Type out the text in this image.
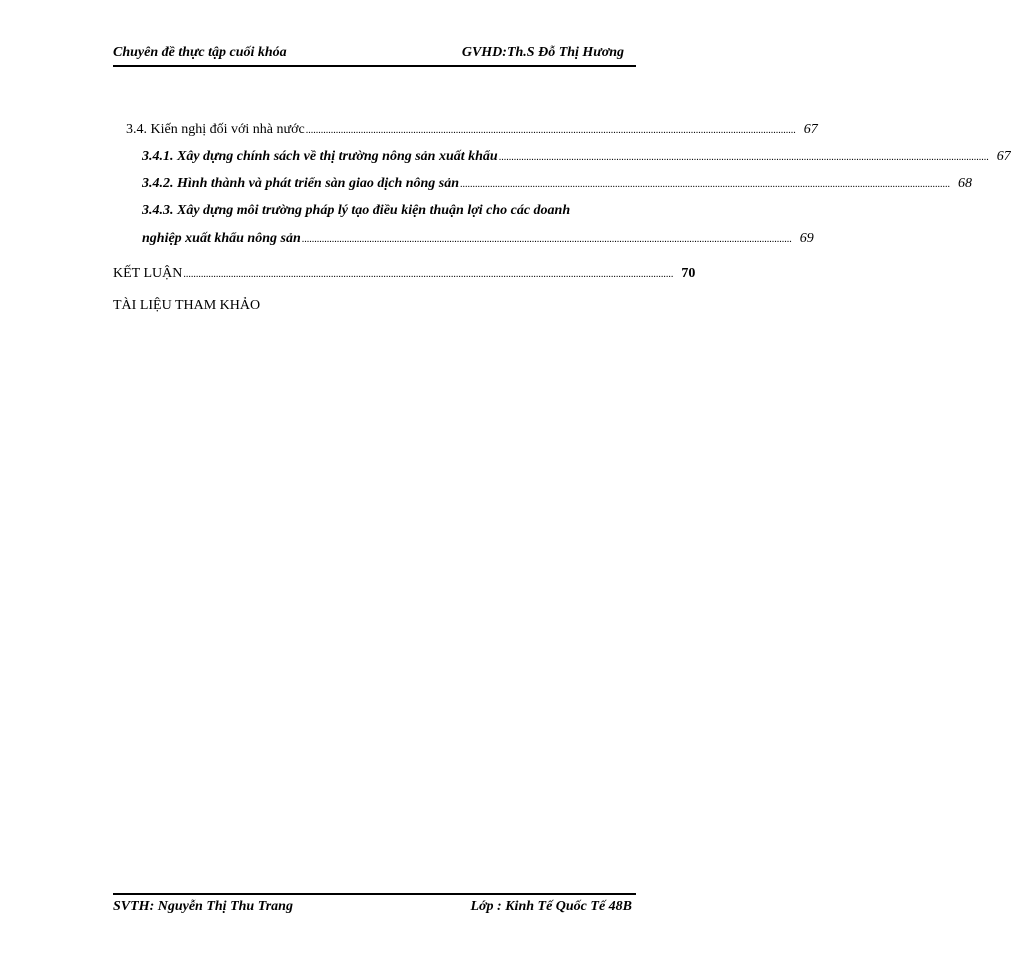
Chuyên đề thực tập cuối khóa	GVHD:Th.S Đỗ Thị Hương
3.4. Kiến nghị đối với nhà nước .................................................................................................................................................................................................... 67
3.4.1. Xây dựng chính sách về thị trường nông sản xuất khẩu .................................................................................................................................................................................................... 67
3.4.2. Hình thành và phát triển sàn giao dịch nông sản .................................................................................................................................................................................................... 68
3.4.3. Xây dựng môi trường pháp lý tạo điều kiện thuận lợi cho các doanh
nghiệp xuất khẩu nông sản .................................................................................................................................................................................................... 69
KẾT LUẬN .................................................................................................................................................................................................... 70
TÀI LIỆU THAM KHẢO
SVTH: Nguyễn Thị Thu Trang	Lớp : Kinh Tế Quốc Tế 48B
